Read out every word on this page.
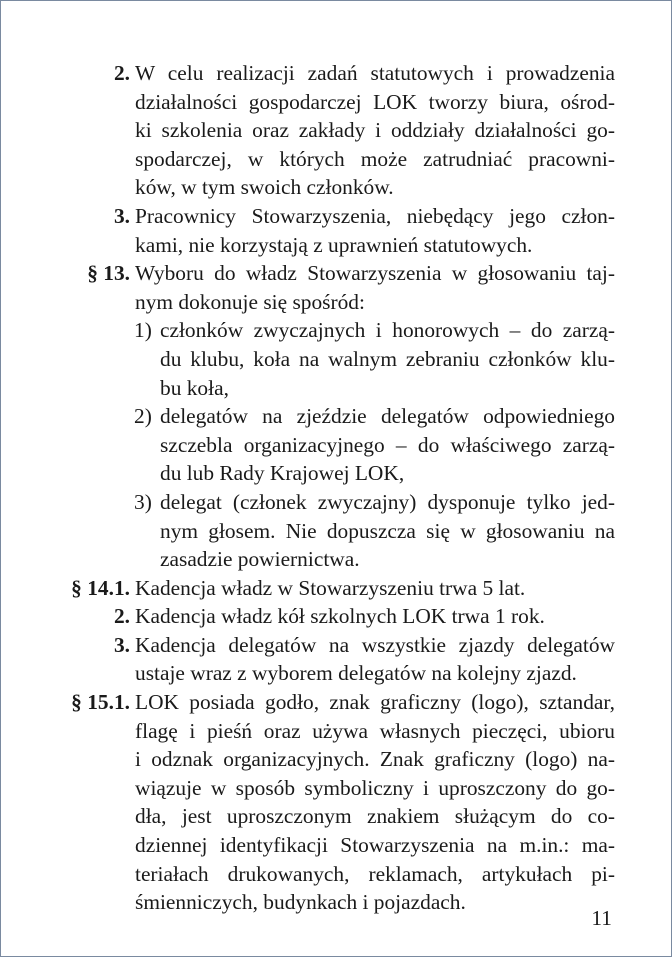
2. W celu realizacji zadań statutowych i prowadzenia
działalności gospodarczej LOK tworzy biura, ośrod-
ki szkolenia oraz zakłady i oddziały działalności go-
spodarczej, w których może zatrudniać pracowni-
ków, w tym swoich członków.
3. Pracownicy Stowarzyszenia, niebędący jego człon-
kami, nie korzystają z uprawnień statutowych.
§ 13. Wyboru do władz Stowarzyszenia w głosowaniu taj-
nym dokonuje się spośród:
1) członków zwyczajnych i honorowych – do zarzą-
du klubu, koła na walnym zebraniu członków klu-
bu koła,
2) delegatów na zjeździe delegatów odpowiedniego
szczebla organizacyjnego – do właściwego zarzą-
du lub Rady Krajowej LOK,
3) delegat (członek zwyczajny) dysponuje tylko jed-
nym głosem. Nie dopuszcza się w głosowaniu na
zasadzie powiernictwa.
§ 14.1. Kadencja władz w Stowarzyszeniu trwa 5 lat.
2. Kadencja władz kół szkolnych LOK trwa 1 rok.
3. Kadencja delegatów na wszystkie zjazdy delegatów
ustaje wraz z wyborem delegatów na kolejny zjazd.
§ 15.1. LOK posiada godło, znak graficzny (logo), sztandar,
flagę i pieśń oraz używa własnych pieczęci, ubioru
i odznak organizacyjnych. Znak graficzny (logo) na-
wiązuje w sposób symboliczny i uproszczony do go-
dła, jest uproszczonym znakiem służącym do co-
dziennej identyfikacji Stowarzyszenia na m.in.: ma-
teriałach drukowanych, reklamach, artykułach pi-
śmienniczych, budynkach i pojazdach.
11
